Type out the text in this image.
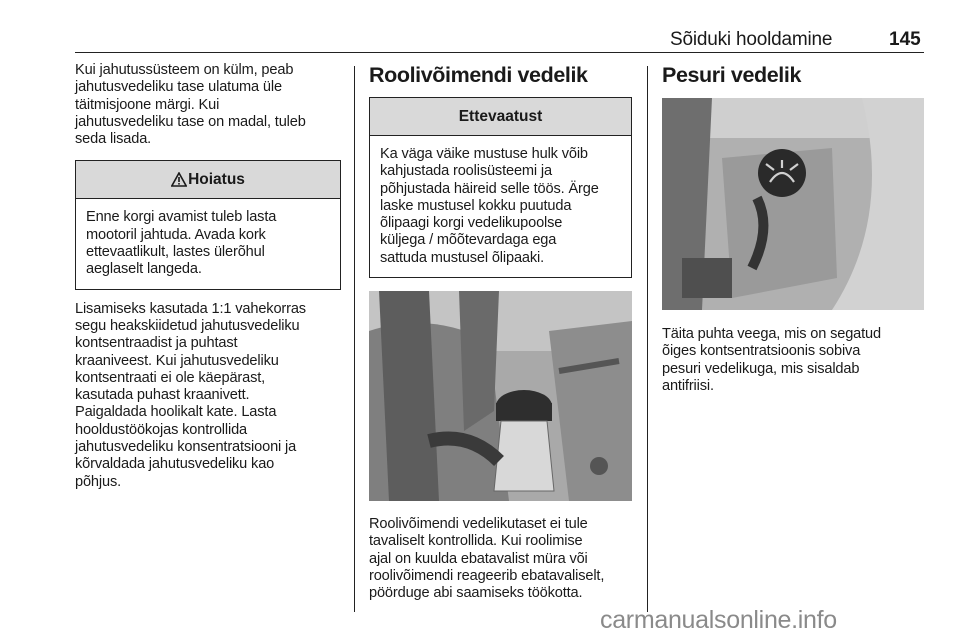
Sõiduki hooldamine	145

Kui jahutussüsteem on külm, peab
jahutusvedeliku tase ulatuma üle
täitmisjoone märgi. Kui
jahutusvedeliku tase on madal, tuleb
seda lisada.

Hoiatus

Enne korgi avamist tuleb lasta
mootoril jahtuda. Avada kork
ettevaatlikult, lastes ülerõhul
aeglaselt langeda.

Lisamiseks kasutada 1:1 vahekorras
segu heakskiidetud jahutusvedeliku
kontsentraadist ja puhtast
kraaniveest. Kui jahutusvedeliku
kontsentraati ei ole käepärast,
kasutada puhast kraanivett.
Paigaldada hoolikalt kate. Lasta
hooldustöökojas kontrollida
jahutusvedeliku konsentratsiooni ja
kõrvaldada jahutusvedeliku kao
põhjus.

Roolivõimendi vedelik
Ettevaatust

Ka väga väike mustuse hulk võib
kahjustada roolisüsteemi ja
põhjustada häireid selle töös. Ärge
laske mustusel kokku puutuda
õlipaagi korgi vedelikupoolse
küljega / mõõtevardaga ega
sattuda mustusel õlipaaki.

Roolivõimendi vedelikutaset ei tule
tavaliselt kontrollida. Kui roolimise
ajal on kuulda ebatavalist müra või
roolivõimendi reageerib ebatavaliselt,
pöörduge abi saamiseks töökotta.

Pesuri vedelik

Täita puhta veega, mis on segatud
õiges kontsentratsioonis sobiva
pesuri vedelikuga, mis sisaldab
antifriisi.

carmanualsonline.info
